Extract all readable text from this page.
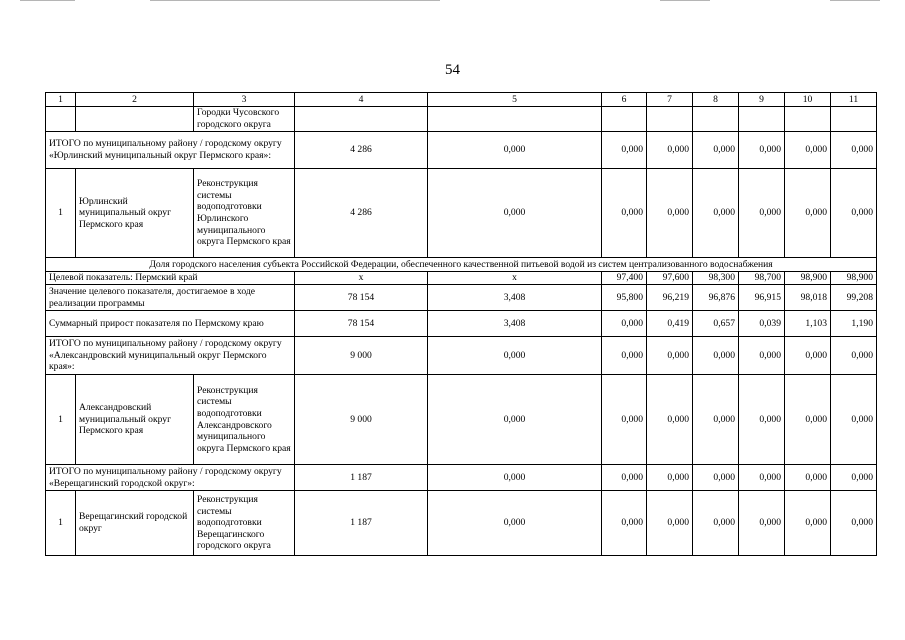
54
1	2	3	4	5	6	7	8	9	10	11
		Городки Чусовского городского округа								
ИТОГО по муниципальному району / городскому округу «Юрлинский муниципальный округ Пермского края»:			4 286	0,000	0,000	0,000	0,000	0,000	0,000	0,000
1	Юрлинский муниципальный округ Пермского края	Реконструкция системы водоподготовки Юрлинского муниципального округа Пермского края	4 286	0,000	0,000	0,000	0,000	0,000	0,000	0,000
Доля городского населения субъекта Российской Федерации, обеспеченного качественной питьевой водой из систем централизованного водоснабжения										
Целевой показатель: Пермский край			x	x	97,400	97,600	98,300	98,700	98,900	98,900
Значение целевого показателя, достигаемое в ходе реализации программы			78 154	3,408	95,800	96,219	96,876	96,915	98,018	99,208
Суммарный прирост показателя по Пермскому краю			78 154	3,408	0,000	0,419	0,657	0,039	1,103	1,190
ИТОГО по муниципальному району / городскому округу «Александровский муниципальный округ Пермского края»:			9 000	0,000	0,000	0,000	0,000	0,000	0,000	0,000
1	Александровский муниципальный округ Пермского края	Реконструкция системы водоподготовки Александровского муниципального округа Пермского края	9 000	0,000	0,000	0,000	0,000	0,000	0,000	0,000
ИТОГО по муниципальному району / городскому округу «Верещагинский городской округ»:			1 187	0,000	0,000	0,000	0,000	0,000	0,000	0,000
1	Верещагинский городской округ	Реконструкция системы водоподготовки Верещагинского городского округа	1 187	0,000	0,000	0,000	0,000	0,000	0,000	0,000
